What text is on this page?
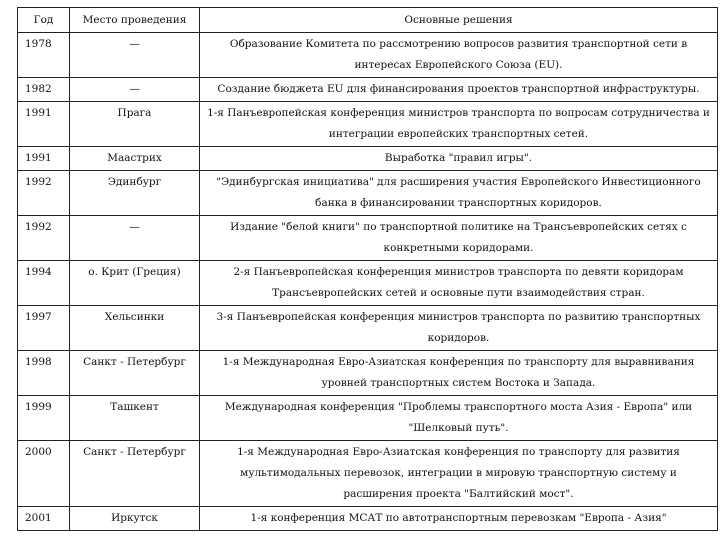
Год	Место проведения	Основные решения
1978	—	Образование Комитета по рассмотрению вопросов развития транспортной сети в интересах Европейского Союза (EU).
1982	—	Создание бюджета EU для финансирования проектов транспортной инфраструктуры.
1991	Прага	1-я Панъевропейская конференция министров транспорта по вопросам сотрудничества и интеграции европейских транспортных сетей.
1991	Маастрих	Выработка "правил игры".
1992	Эдинбург	"Эдинбургская инициатива" для расширения участия Европейского Инвестиционного банка в финансировании транспортных коридоров.
1992	—	Издание "белой книги" по транспортной политике на Трансъевропейских сетях с конкретными коридорами.
1994	о. Крит (Греция)	2-я Панъевропейская конференция министров транспорта по девяти коридорам Трансъевропейских сетей и основные пути взаимодействия стран.
1997	Хельсинки	3-я Панъевропейская конференция министров транспорта по развитию транспортных коридоров.
1998	Санкт - Петербург	1-я Международная Евро-Азиатская конференция по транспорту для выравнивания уровней транспортных систем Востока и Запада.
1999	Ташкент	Международная конференция "Проблемы транспортного моста Азия - Европа" или "Шелковый путь".
2000	Санкт - Петербург	1-я Международная Евро-Азиатская конференция по транспорту для развития мультимодальных перевозок, интеграции в мировую транспортную систему и расширения проекта "Балтийский мост".
2001	Иркутск	1-я конференция МСАТ по автотранспортным перевозкам "Европа - Азия"
